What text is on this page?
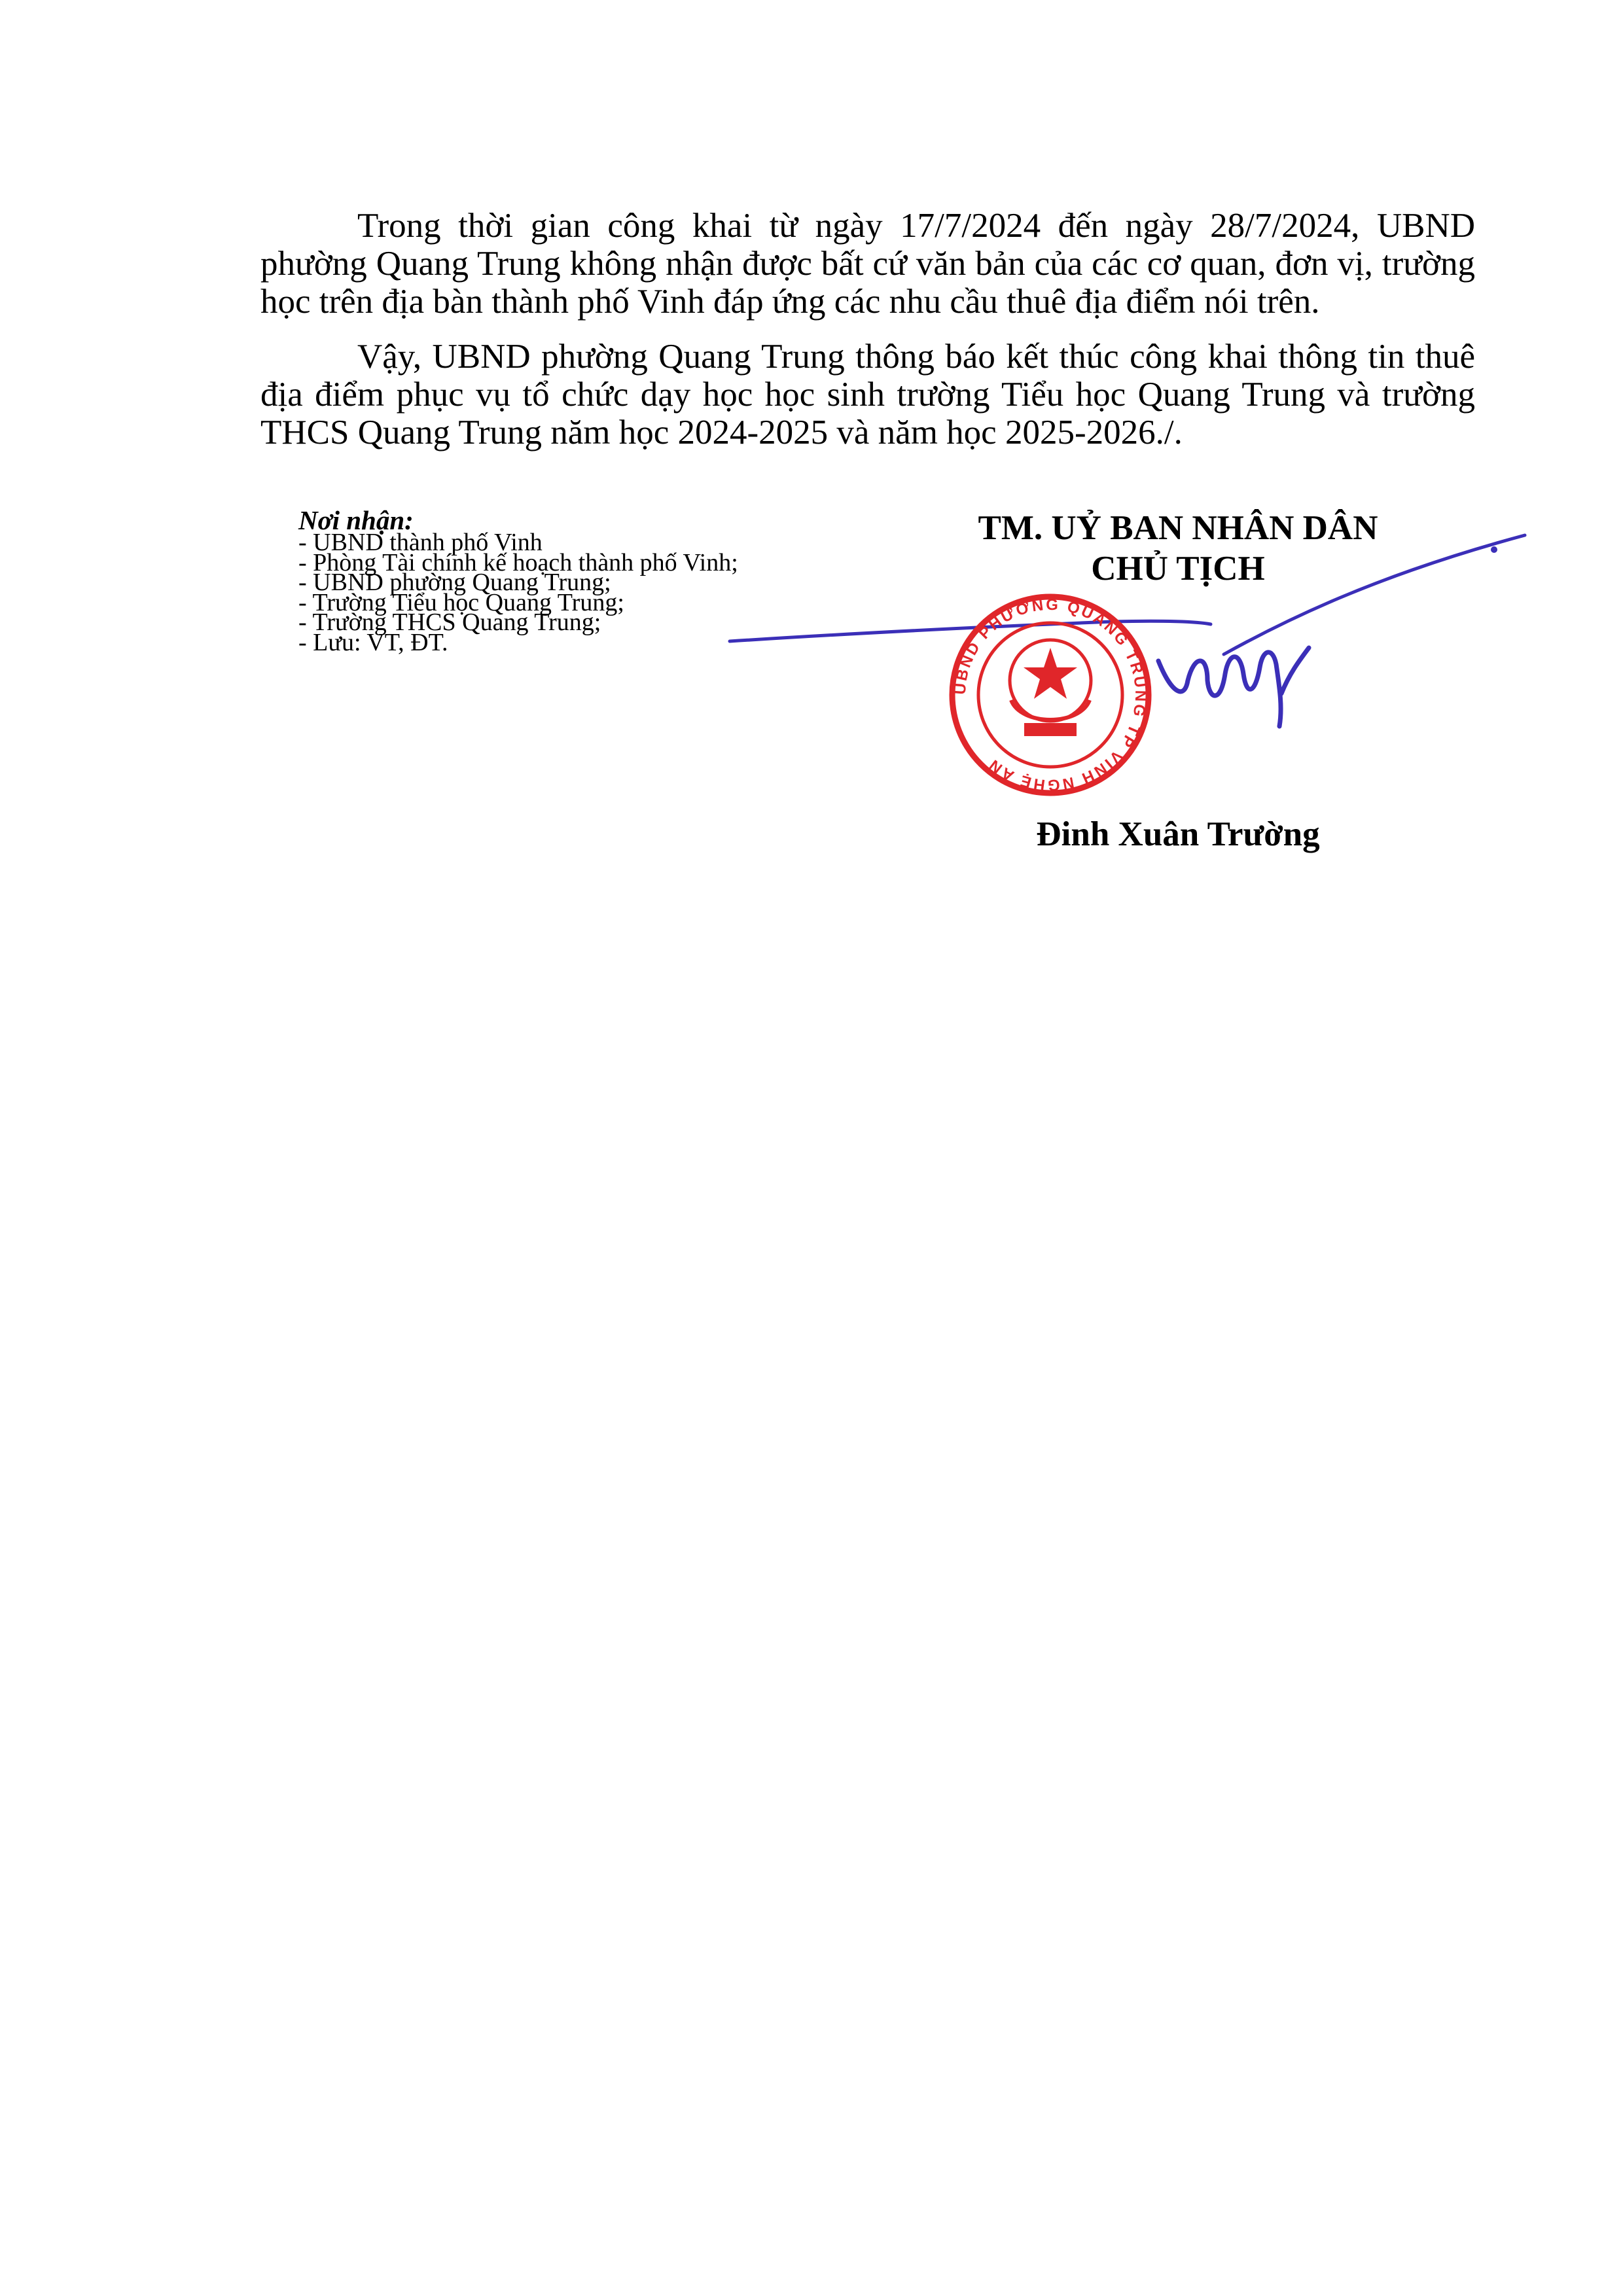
Trong thời gian công khai từ ngày 17/7/2024 đến ngày 28/7/2024, UBND phường Quang Trung không nhận được bất cứ văn bản của các cơ quan, đơn vị, trường học trên địa bàn thành phố Vinh đáp ứng các nhu cầu thuê địa điểm nói trên.

Vậy, UBND phường Quang Trung thông báo kết thúc công khai thông tin thuê địa điểm phục vụ tổ chức dạy học học sinh trường Tiểu học Quang Trung và trường THCS Quang Trung năm học 2024-2025 và năm học 2025-2026./.

Nơi nhận:
- UBND thành phố Vinh
- Phòng Tài chính kế hoạch thành phố Vinh;
- UBND phường Quang Trung;
- Trường Tiểu học Quang Trung;
- Trường THCS Quang Trung;
- Lưu: VT, ĐT.
TM. UỶ BAN NHÂN DÂN
CHỦ TỊCH
UBND PHƯỜNG QUANG TRUNG TP VINH NGHỆ AN
Đinh Xuân Trường
